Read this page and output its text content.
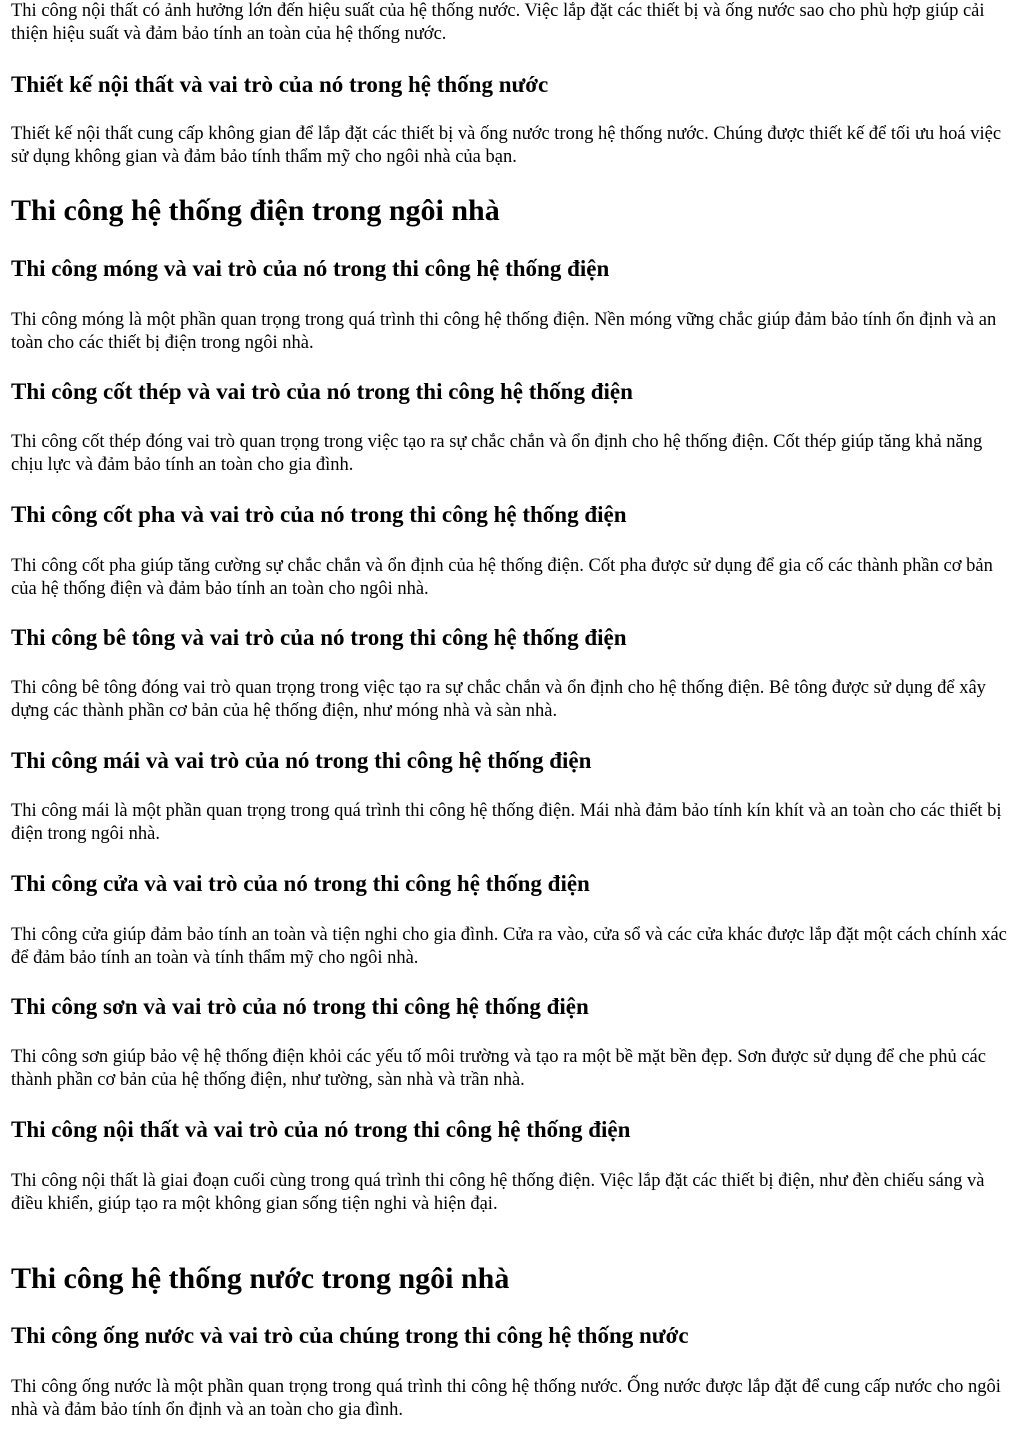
Thi công nội thất có ảnh hưởng lớn đến hiệu suất của hệ thống nước. Việc lắp đặt các thiết bị và ống nước sao cho phù hợp giúp cải thiện hiệu suất và đảm bảo tính an toàn của hệ thống nước.

Thiết kế nội thất và vai trò của nó trong hệ thống nước

Thiết kế nội thất cung cấp không gian để lắp đặt các thiết bị và ống nước trong hệ thống nước. Chúng được thiết kế để tối ưu hoá việc sử dụng không gian và đảm bảo tính thẩm mỹ cho ngôi nhà của bạn.

Thi công hệ thống điện trong ngôi nhà
Thi công móng và vai trò của nó trong thi công hệ thống điện

Thi công móng là một phần quan trọng trong quá trình thi công hệ thống điện. Nền móng vững chắc giúp đảm bảo tính ổn định và an toàn cho các thiết bị điện trong ngôi nhà.

Thi công cốt thép và vai trò của nó trong thi công hệ thống điện

Thi công cốt thép đóng vai trò quan trọng trong việc tạo ra sự chắc chắn và ổn định cho hệ thống điện. Cốt thép giúp tăng khả năng chịu lực và đảm bảo tính an toàn cho gia đình.

Thi công cốt pha và vai trò của nó trong thi công hệ thống điện

Thi công cốt pha giúp tăng cường sự chắc chắn và ổn định của hệ thống điện. Cốt pha được sử dụng để gia cố các thành phần cơ bản của hệ thống điện và đảm bảo tính an toàn cho ngôi nhà.

Thi công bê tông và vai trò của nó trong thi công hệ thống điện

Thi công bê tông đóng vai trò quan trọng trong việc tạo ra sự chắc chắn và ổn định cho hệ thống điện. Bê tông được sử dụng để xây dựng các thành phần cơ bản của hệ thống điện, như móng nhà và sàn nhà.

Thi công mái và vai trò của nó trong thi công hệ thống điện

Thi công mái là một phần quan trọng trong quá trình thi công hệ thống điện. Mái nhà đảm bảo tính kín khít và an toàn cho các thiết bị điện trong ngôi nhà.

Thi công cửa và vai trò của nó trong thi công hệ thống điện

Thi công cửa giúp đảm bảo tính an toàn và tiện nghi cho gia đình. Cửa ra vào, cửa sổ và các cửa khác được lắp đặt một cách chính xác để đảm bảo tính an toàn và tính thẩm mỹ cho ngôi nhà.

Thi công sơn và vai trò của nó trong thi công hệ thống điện

Thi công sơn giúp bảo vệ hệ thống điện khỏi các yếu tố môi trường và tạo ra một bề mặt bền đẹp. Sơn được sử dụng để che phủ các thành phần cơ bản của hệ thống điện, như tường, sàn nhà và trần nhà.

Thi công nội thất và vai trò của nó trong thi công hệ thống điện

Thi công nội thất là giai đoạn cuối cùng trong quá trình thi công hệ thống điện. Việc lắp đặt các thiết bị điện, như đèn chiếu sáng và điều khiển, giúp tạo ra một không gian sống tiện nghi và hiện đại.

Thi công hệ thống nước trong ngôi nhà
Thi công ống nước và vai trò của chúng trong thi công hệ thống nước

Thi công ống nước là một phần quan trọng trong quá trình thi công hệ thống nước. Ống nước được lắp đặt để cung cấp nước cho ngôi nhà và đảm bảo tính ổn định và an toàn cho gia đình.
